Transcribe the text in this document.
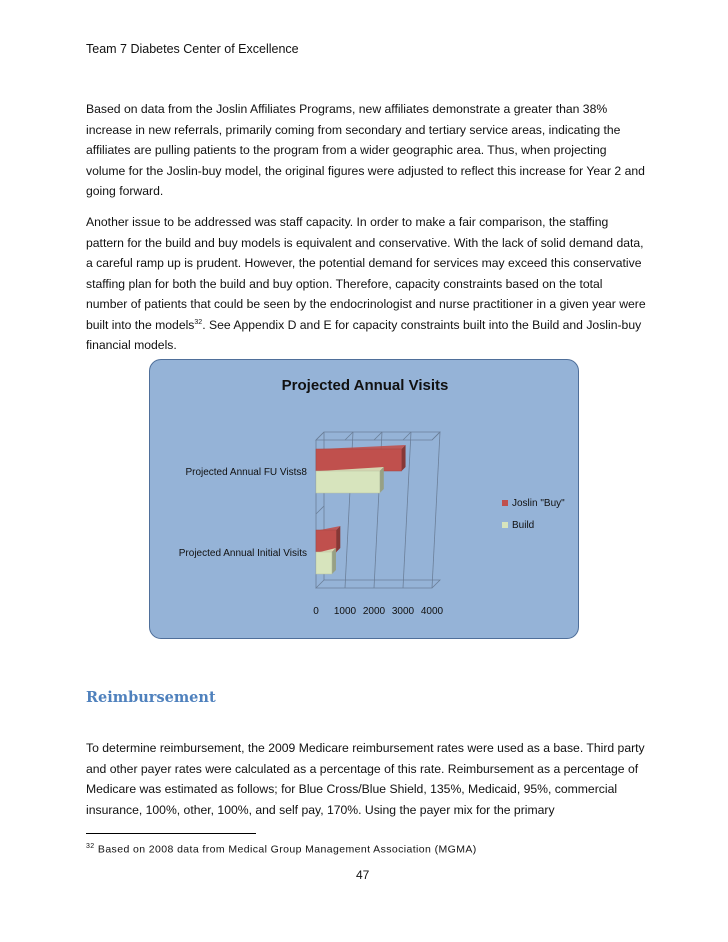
Team 7 Diabetes Center of Excellence

Based on data from the Joslin Affiliates Programs, new affiliates demonstrate a greater than 38% increase in new referrals, primarily coming from secondary and tertiary service areas, indicating the affiliates are pulling patients to the program from a wider geographic area. Thus, when projecting volume for the Joslin-buy model, the original figures were adjusted to reflect this increase for Year 2 and going forward.

Another issue to be addressed was staff capacity. In order to make a fair comparison, the staffing pattern for the build and buy models is equivalent and conservative. With the lack of solid demand data, a careful ramp up is prudent. However, the potential demand for services may exceed this conservative staffing plan for both the build and buy option. Therefore, capacity constraints based on the total number of patients that could be seen by the endocrinologist and nurse practitioner in a given year were built into the models$^{32}$. See Appendix D and E for capacity constraints built into the Build and Joslin-buy financial models.

Projected Annual Visits
0 1000 2000 3000 4000
Projected Annual FU Vists8
Projected Annual Initial Visits
Joslin "Buy"
Build
Reimbursement

To determine reimbursement, the 2009 Medicare reimbursement rates were used as a base. Third party and other payer rates were calculated as a percentage of this rate. Reimbursement as a percentage of Medicare was estimated as follows; for Blue Cross/Blue Shield, 135%, Medicaid, 95%, commercial insurance, 100%, other, 100%, and self pay, 170%. Using the payer mix for the primary

$^{32}$ Based on 2008 data from Medical Group Management Association (MGMA)
47
